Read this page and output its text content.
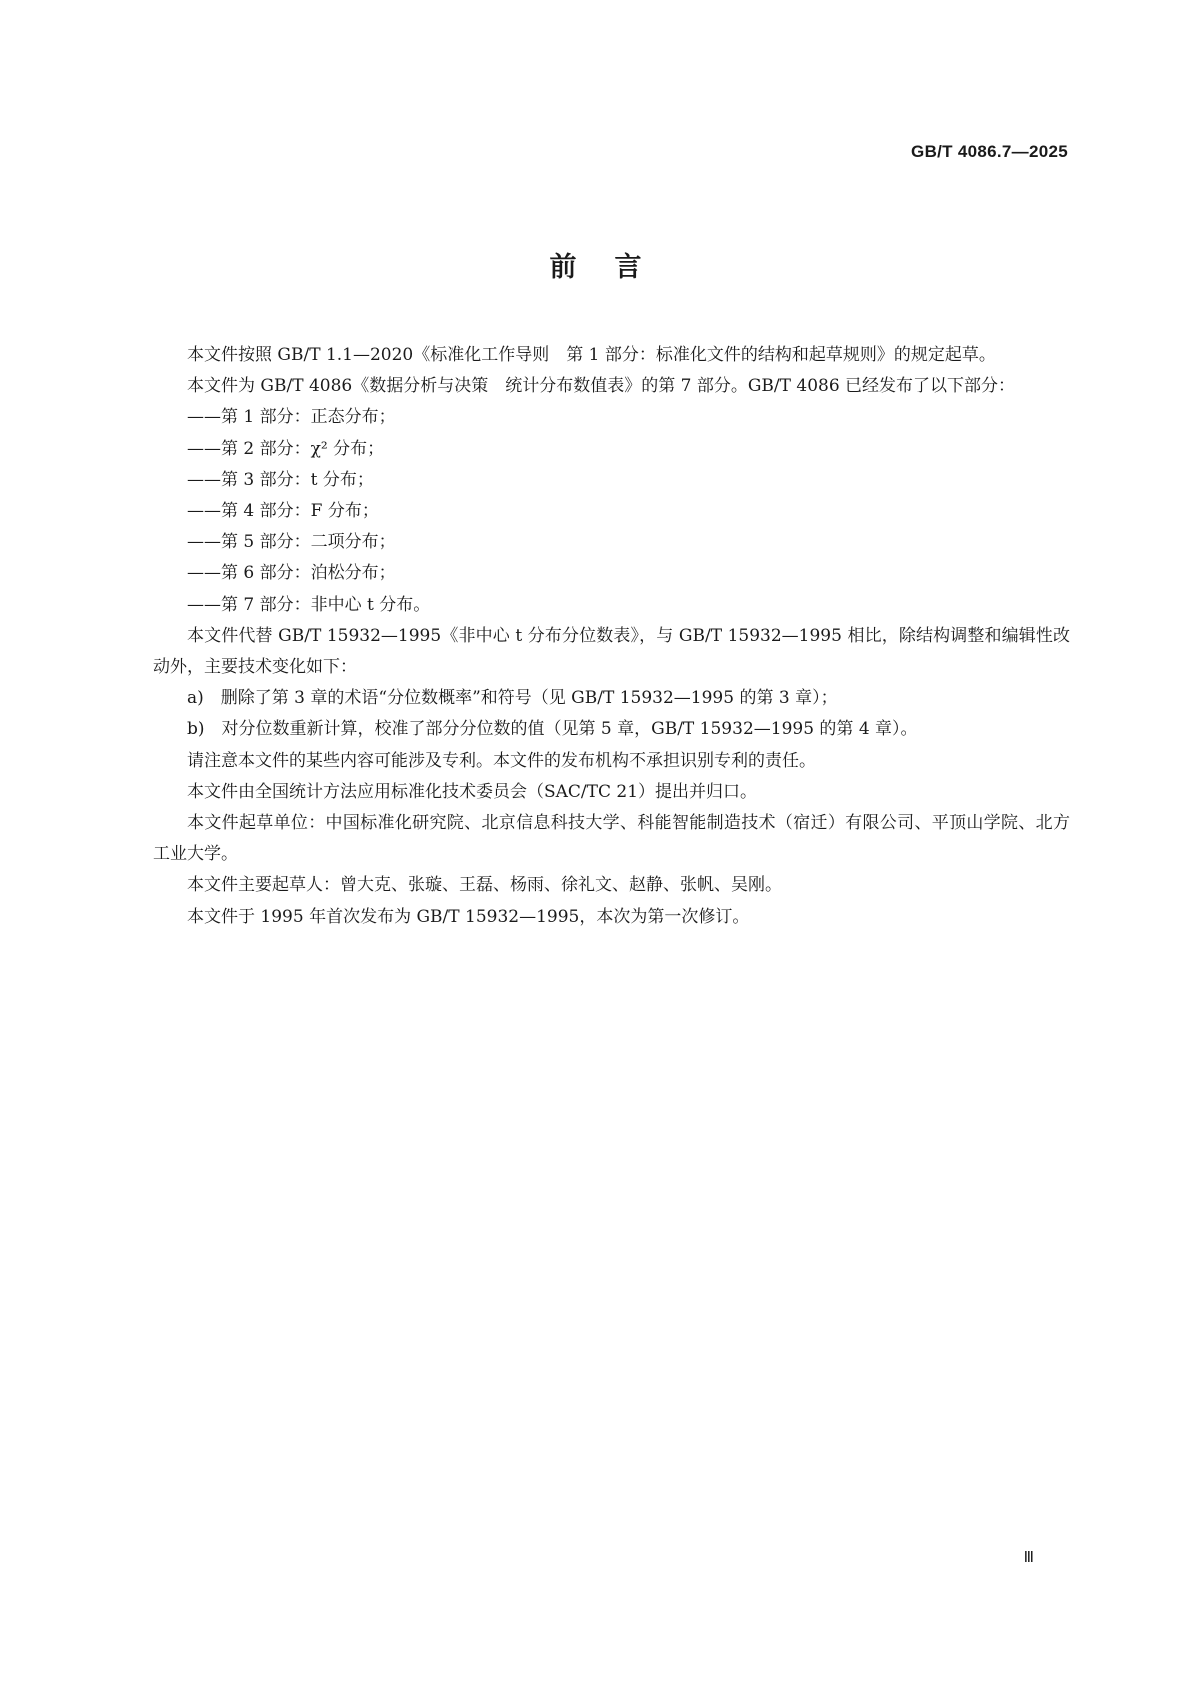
GB/T 4086.7—2025
前言

本文件按照 GB/T 1.1—2020《标准化工作导则　第 1 部分：标准化文件的结构和起草规则》的规定起草。

本文件为 GB/T 4086《数据分析与决策　统计分布数值表》的第 7 部分。GB/T 4086 已经发布了以下部分：

——第 1 部分：正态分布；

——第 2 部分：χ² 分布；

——第 3 部分：t 分布；

——第 4 部分：F 分布；

——第 5 部分：二项分布；

——第 6 部分：泊松分布；

——第 7 部分：非中心 t 分布。

本文件代替 GB/T 15932—1995《非中心 t 分布分位数表》，与 GB/T 15932—1995 相比，除结构调整和编辑性改动外，主要技术变化如下：

a)　删除了第 3 章的术语“分位数概率”和符号（见 GB/T 15932—1995 的第 3 章）；

b)　对分位数重新计算，校准了部分分位数的值（见第 5 章，GB/T 15932—1995 的第 4 章）。

请注意本文件的某些内容可能涉及专利。本文件的发布机构不承担识别专利的责任。

本文件由全国统计方法应用标准化技术委员会（SAC/TC 21）提出并归口。

本文件起草单位：中国标准化研究院、北京信息科技大学、科能智能制造技术（宿迁）有限公司、平顶山学院、北方工业大学。

本文件主要起草人：曾大克、张璇、王磊、杨雨、徐礼文、赵静、张帆、吴刚。

本文件于 1995 年首次发布为 GB/T 15932—1995，本次为第一次修订。

Ⅲ
